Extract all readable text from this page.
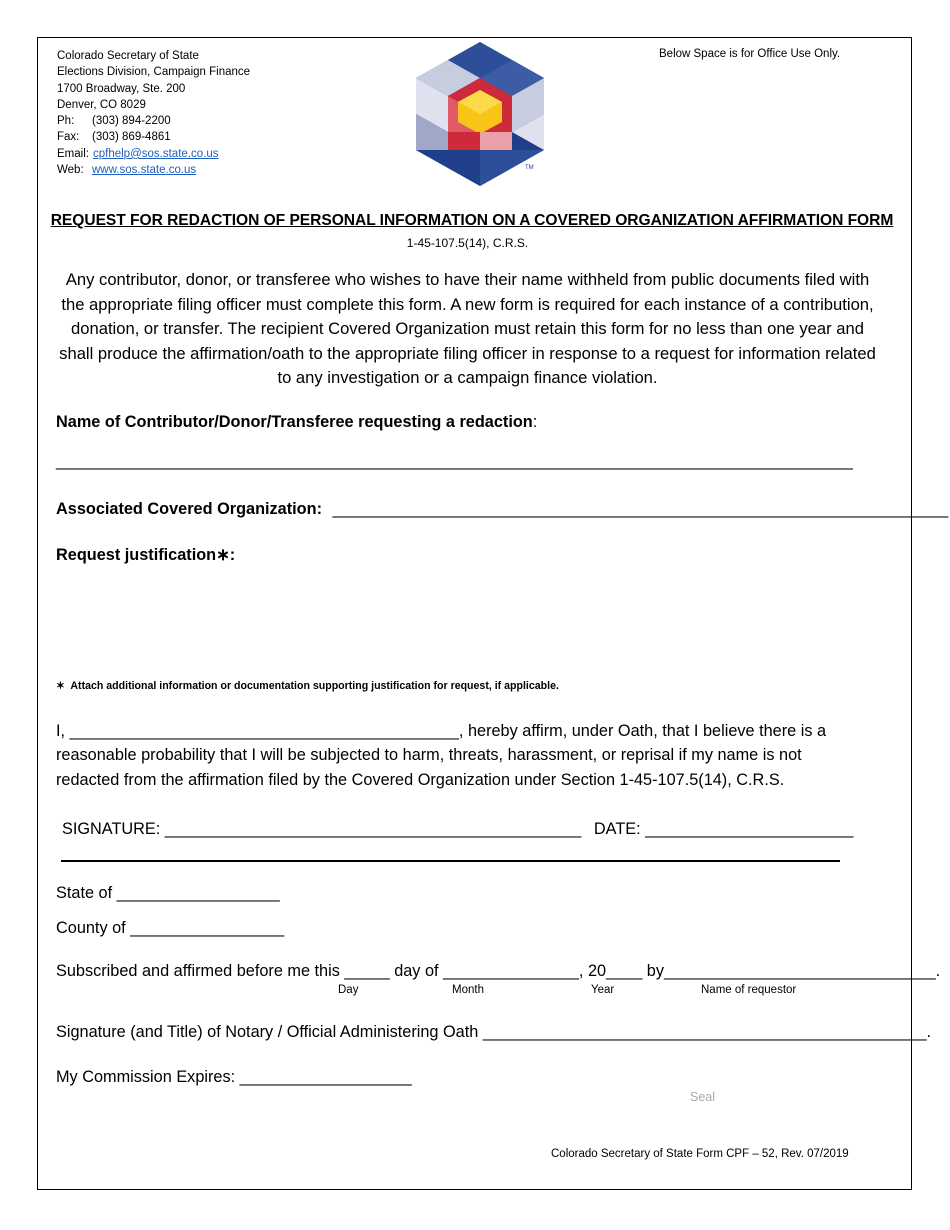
Colorado Secretary of State
Elections Division, Campaign Finance
1700 Broadway, Ste. 200
Denver, CO 8029
Ph: (303) 894-2200
Fax: (303) 869-4861
Email: cpfhelp@sos.state.co.us
Web: www.sos.state.co.us	TM
Below Space is for Office Use Only.
REQUEST FOR REDACTION OF PERSONAL INFORMATION ON A COVERED ORGANIZATION AFFIRMATION FORM
1-45-107.5(14), C.R.S.
Any contributor, donor, or transferee who wishes to have their name withheld from public documents filed with the appropriate filing officer must complete this form. A new form is required for each instance of a contribution, donation, or transfer. The recipient Covered Organization must retain this form for no less than one year and shall produce the affirmation/oath to the appropriate filing officer in response to a request for information related to any investigation or a campaign finance violation.
Name of Contributor/Donor/Transferee requesting a redaction:
________________________________________________________________________________________
Associated Covered Organization: ____________________________________________________________________
Request justification∗:
✶ Attach additional information or documentation supporting justification for request, if applicable.
I, ___________________________________________, hereby affirm, under Oath, that I believe there is a
reasonable probability that I will be subjected to harm, threats, harassment, or reprisal if my name is not
redacted from the affirmation filed by the Covered Organization under Section 1-45-107.5(14), C.R.S.
SIGNATURE: ______________________________________________ DATE: _______________________
State of __________________
County of _________________
Subscribed and affirmed before me this _____ day of _______________, 20____ by______________________________.
Day	Month	Year	Name of requestor
Signature (and Title) of Notary / Official Administering Oath _________________________________________________.
My Commission Expires: ___________________
Seal
Colorado Secretary of State Form CPF – 52, Rev. 07/2019
